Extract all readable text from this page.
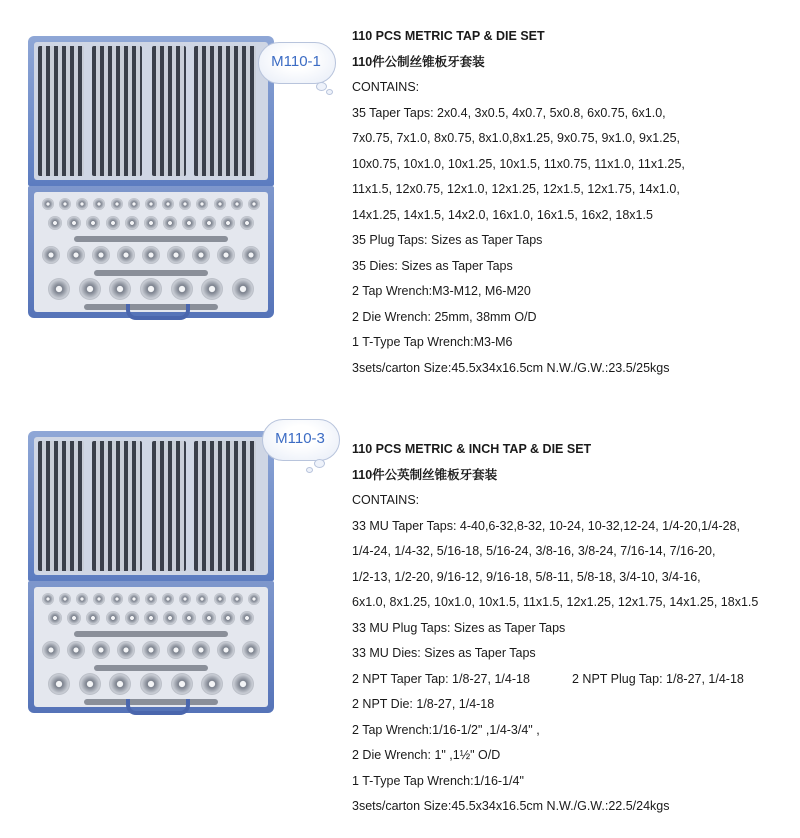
M110-1
110 PCS METRIC TAP & DIE SET
110件公制丝锥板牙套装
CONTAINS:
35 Taper Taps: 2x0.4, 3x0.5, 4x0.7, 5x0.8, 6x0.75, 6x1.0,
7x0.75, 7x1.0, 8x0.75, 8x1.0,8x1.25, 9x0.75, 9x1.0, 9x1.25,
10x0.75, 10x1.0, 10x1.25, 10x1.5, 11x0.75, 11x1.0, 11x1.25,
11x1.5, 12x0.75, 12x1.0, 12x1.25, 12x1.5, 12x1.75, 14x1.0,
14x1.25, 14x1.5, 14x2.0, 16x1.0, 16x1.5, 16x2, 18x1.5
35 Plug Taps: Sizes as Taper Taps
35 Dies: Sizes as Taper Taps
2 Tap Wrench:M3-M12, M6-M20
2 Die Wrench: 25mm, 38mm O/D
1 T-Type Tap Wrench:M3-M6
3sets/carton Size:45.5x34x16.5cm N.W./G.W.:23.5/25kgs
M110-3
110 PCS METRIC & INCH TAP & DIE SET
110件公英制丝锥板牙套装
CONTAINS:
33 MU Taper Taps: 4-40,6-32,8-32, 10-24, 10-32,12-24, 1/4-20,1/4-28,
1/4-24, 1/4-32, 5/16-18, 5/16-24, 3/8-16, 3/8-24, 7/16-14, 7/16-20,
1/2-13, 1/2-20, 9/16-12, 9/16-18, 5/8-11, 5/8-18, 3/4-10, 3/4-16,
6x1.0, 8x1.25, 10x1.0, 10x1.5, 11x1.5, 12x1.25, 12x1.75, 14x1.25, 18x1.5
33 MU Plug Taps: Sizes as Taper Taps
33 MU Dies: Sizes as Taper Taps
2 NPT Taper Tap: 1/8-27, 1/4-18	2 NPT Plug Tap: 1/8-27, 1/4-18
2 NPT Die: 1/8-27, 1/4-18
2 Tap Wrench:1/16-1/2" ,1/4-3/4" ,
2 Die Wrench: 1" ,1½" O/D
1 T-Type Tap Wrench:1/16-1/4"
3sets/carton Size:45.5x34x16.5cm N.W./G.W.:22.5/24kgs
